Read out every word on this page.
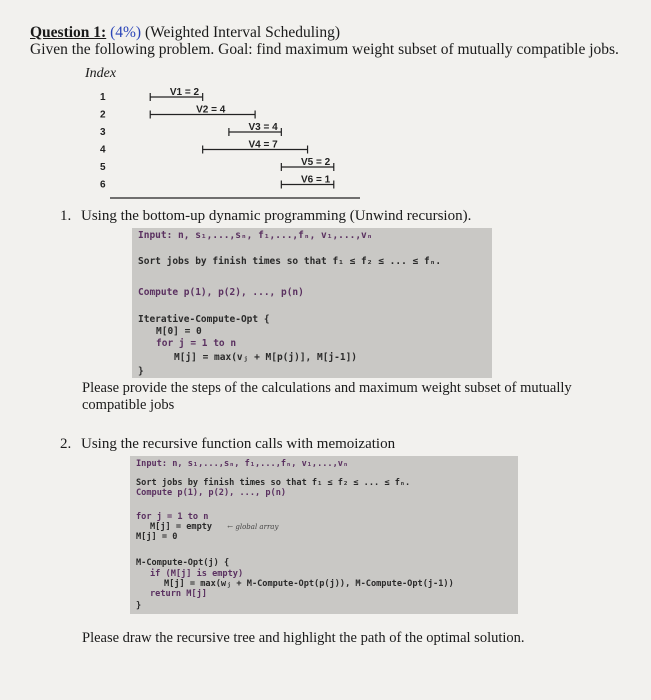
Question 1: (4%) (Weighted Interval Scheduling)
Given the following problem. Goal: find maximum weight subset of mutually compatible jobs.
Index
V1 = 2
V2 = 4
V3 = 4
V4 = 7
V5 = 2
V6 = 1
1
2
3
4
5
6
1. Using the bottom-up dynamic programming (Unwind recursion).
Input: n, s₁,...,sₙ, f₁,...,fₙ, v₁,...,vₙ
Sort jobs by finish times so that f₁ ≤ f₂ ≤ ... ≤ fₙ.
Compute p(1), p(2), ..., p(n)
Iterative-Compute-Opt {
M[0] = 0
for j = 1 to n
M[j] = max(vⱼ + M[p(j)], M[j-1])
}
Please provide the steps of the calculations and maximum weight subset of mutually
compatible jobs
2. Using the recursive function calls with memoization
Input: n, s₁,...,sₙ, f₁,...,fₙ, v₁,...,vₙ
Sort jobs by finish times so that f₁ ≤ f₂ ≤ ... ≤ fₙ.
Compute p(1), p(2), ..., p(n)
for j = 1 to n
M[j] = empty ← global array
M[j] = 0
M-Compute-Opt(j) {
if (M[j] is empty)
M[j] = max(wⱼ + M-Compute-Opt(p(j)), M-Compute-Opt(j-1))
return M[j]
}
Please draw the recursive tree and highlight the path of the optimal solution.
